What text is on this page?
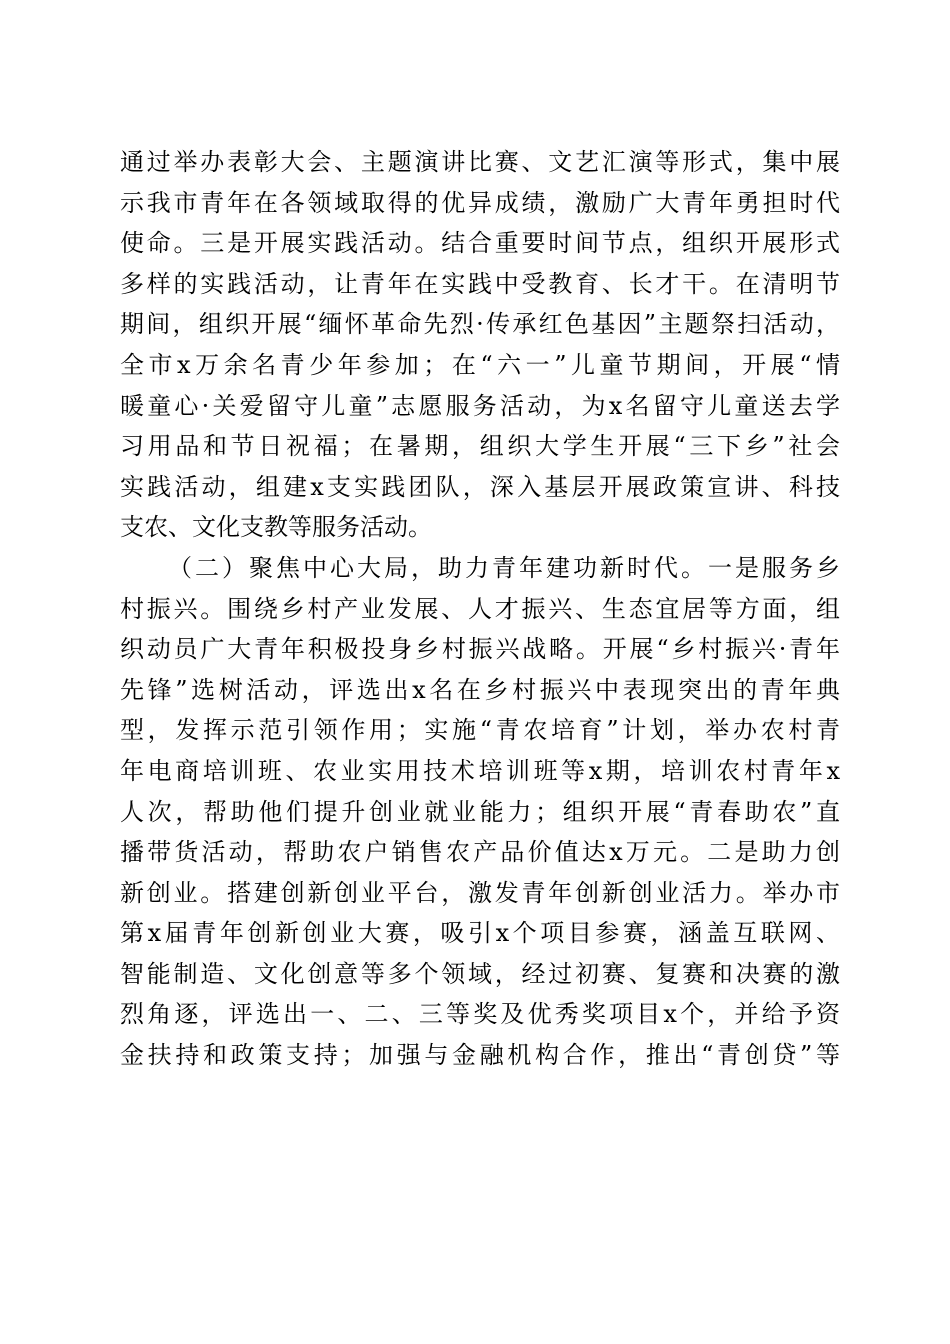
通过举办表彰大会、主题演讲比赛、文艺汇演等形式，集中展
示我市青年在各领域取得的优异成绩，激励广大青年勇担时代
使命。三是开展实践活动。结合重要时间节点，组织开展形式
多样的实践活动，让青年在实践中受教育、长才干。在清明节
期间，组织开展“缅怀革命先烈·传承红色基因”主题祭扫活动，
全市x万余名青少年参加；在“六一”儿童节期间，开展“情
暖童心·关爱留守儿童”志愿服务活动，为x名留守儿童送去学
习用品和节日祝福；在暑期，组织大学生开展“三下乡”社会
实践活动，组建x支实践团队，深入基层开展政策宣讲、科技
支农、文化支教等服务活动。
（二）聚焦中心大局，助力青年建功新时代。一是服务乡
村振兴。围绕乡村产业发展、人才振兴、生态宜居等方面，组
织动员广大青年积极投身乡村振兴战略。开展“乡村振兴·青年
先锋”选树活动，评选出x名在乡村振兴中表现突出的青年典
型，发挥示范引领作用；实施“青农培育”计划，举办农村青
年电商培训班、农业实用技术培训班等x期，培训农村青年x
人次，帮助他们提升创业就业能力；组织开展“青春助农”直
播带货活动，帮助农户销售农产品价值达x万元。二是助力创
新创业。搭建创新创业平台，激发青年创新创业活力。举办市
第x届青年创新创业大赛，吸引x个项目参赛，涵盖互联网、
智能制造、文化创意等多个领域，经过初赛、复赛和决赛的激
烈角逐，评选出一、二、三等奖及优秀奖项目x个，并给予资
金扶持和政策支持；加强与金融机构合作，推出“青创贷”等
